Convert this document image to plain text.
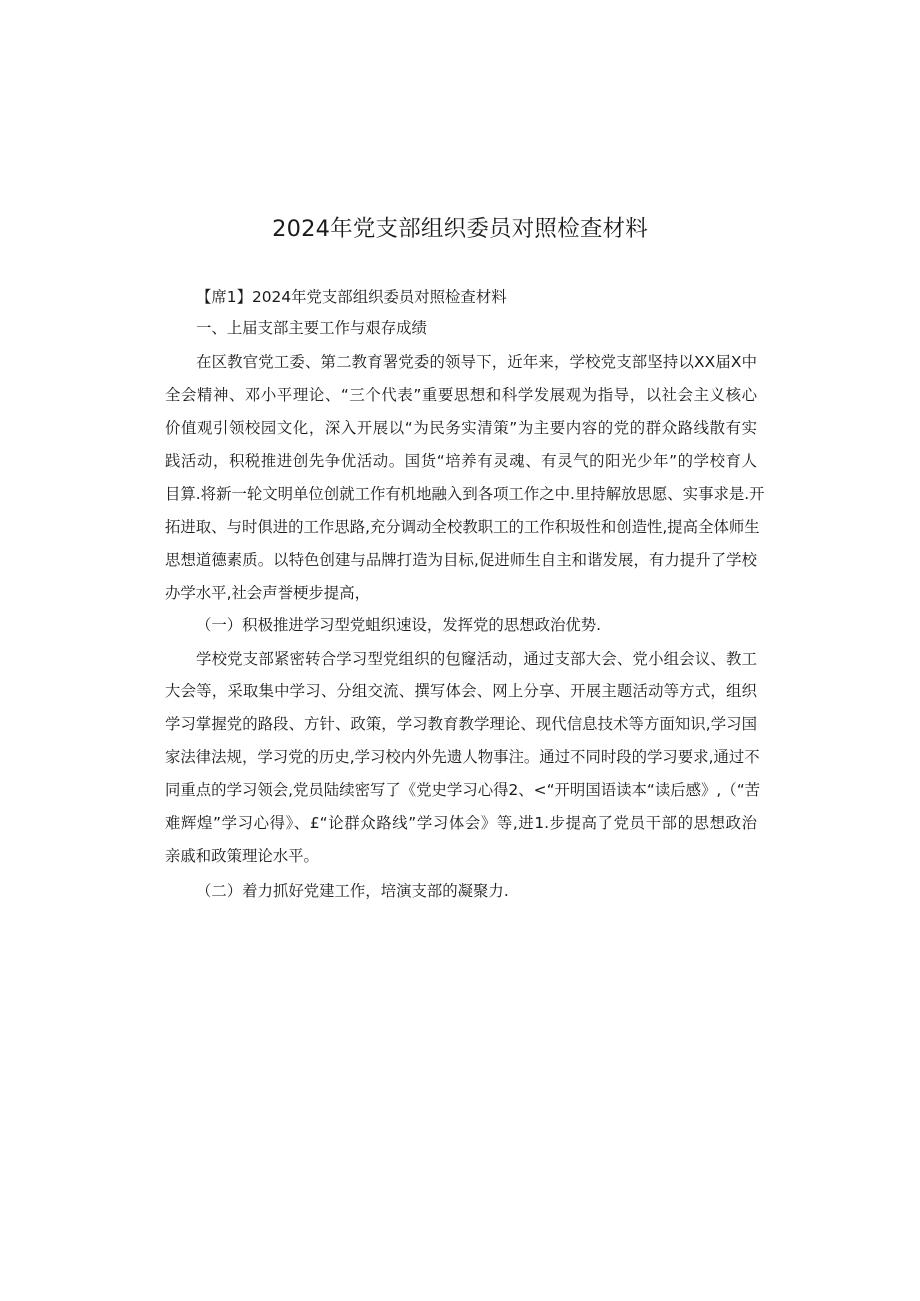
2024年党支部组织委员对照检查材料
【席1】2024年党支部组织委员对照检查材料
一、上届支部主要工作与艰存成绩
在区教官党工委、第二教育署党委的领导下，近年来，学校党支部坚持以XX届X中
全会精神、邓小平理论、“三个代表”重要思想和科学发展观为指导，以社会主义核心
价值观引领校园文化，深入开展以“为民务实清策”为主要内容的党的群众路线散有实
践活动，积税推进创先争优活动。国货“培养有灵魂、有灵气的阳光少年”的学校育人
目算.将新一轮文明单位创就工作有机地融入到各项工作之中.里持解放思愿、实事求是.开
拓进取、与时俱进的工作思路,充分调动全校教职工的工作积圾性和创造性,提高全体师生
思想道德素质。以特色创建与品牌打造为目标,促进师生自主和谐发展，有力提升了学校
办学水平,社会声誉梗步提高，
（一）积极推进学习型党蛆织速设，发挥党的思想政治优势.
学校党支部紧密转合学习型党组织的包窿活动，通过支部大会、党小组会议、教工
大会等，采取集中学习、分组交流、撰写体会、网上分享、开展主题活动等方式，组织
学习掌握党的路段、方针、政策，学习教育教学理论、现代信息技术等方面知识,学习国
家法律法规，学习党的历史,学习校内外先遗人物事注。通过不同时段的学习要求,通过不
同重点的学习领会,党员陆续密写了《党史学习心得2、<“开明国语读本“读后感》,（“苦
难辉煌”学习心得》、£“论群众路线”学习体会》等,进1.步提高了党员干部的思想政治
亲戚和政策理论水平。
（二）着力抓好党建工作，培演支部的凝聚力.
